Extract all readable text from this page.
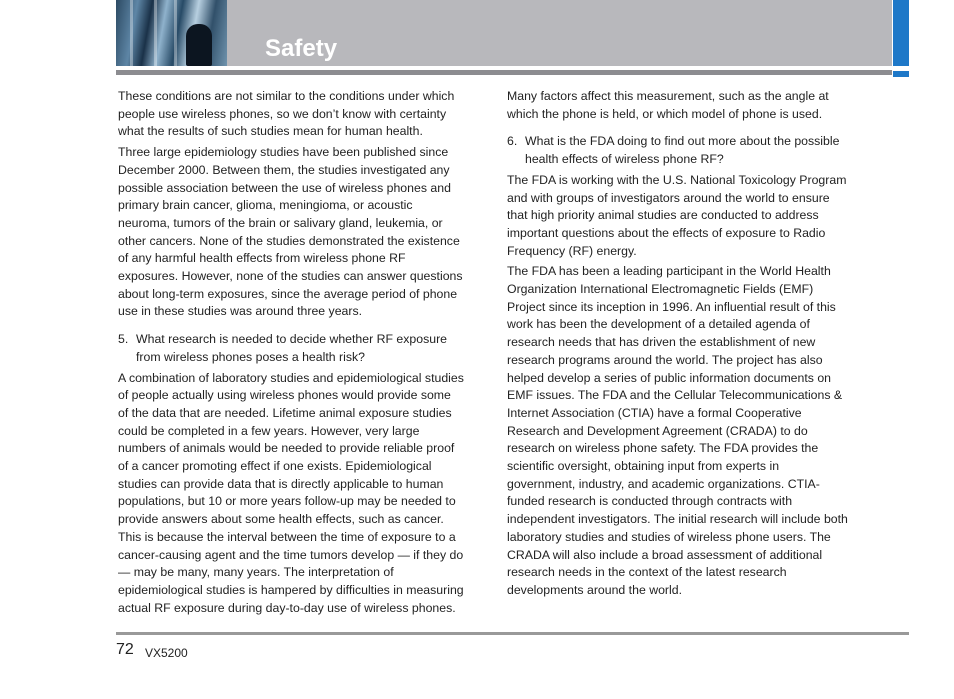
Safety

These conditions are not similar to the conditions under which people use wireless phones, so we don’t know with certainty what the results of such studies mean for human health.

Three large epidemiology studies have been published since December 2000. Between them, the studies investigated any possible association between the use of wireless phones and primary brain cancer, glioma, meningioma, or acoustic neuroma, tumors of the brain or salivary gland, leukemia, or other cancers. None of the studies demonstrated the existence of any harmful health effects from wireless phone RF exposures. However, none of the studies can answer questions about long-term exposures, since the average period of phone use in these studies was around three years.

5. What research is needed to decide whether RF exposure from wireless phones poses a health risk?

A combination of laboratory studies and epidemiological studies of people actually using wireless phones would provide some of the data that are needed. Lifetime animal exposure studies could be completed in a few years. However, very large numbers of animals would be needed to provide reliable proof of a cancer promoting effect if one exists. Epidemiological studies can provide data that is directly applicable to human populations, but 10 or more years follow-up may be needed to provide answers about some health effects, such as cancer. This is because the interval between the time of exposure to a cancer-causing agent and the time tumors develop — if they do — may be many, many years. The interpretation of epidemiological studies is hampered by difficulties in measuring actual RF exposure during day-to-day use of wireless phones.

Many factors affect this measurement, such as the angle at which the phone is held, or which model of phone is used.

6. What is the FDA doing to find out more about the possible health effects of wireless phone RF?

The FDA is working with the U.S. National Toxicology Program and with groups of investigators around the world to ensure that high priority animal studies are conducted to address important questions about the effects of exposure to Radio Frequency (RF) energy.

The FDA has been a leading participant in the World Health Organization International Electromagnetic Fields (EMF) Project since its inception in 1996. An influential result of this work has been the development of a detailed agenda of research needs that has driven the establishment of new research programs around the world. The project has also helped develop a series of public information documents on EMF issues. The FDA and the Cellular Telecommunications & Internet Association (CTIA) have a formal Cooperative Research and Development Agreement (CRADA) to do research on wireless phone safety. The FDA provides the scientific oversight, obtaining input from experts in government, industry, and academic organizations. CTIA-funded research is conducted through contracts with independent investigators. The initial research will include both laboratory studies and studies of wireless phone users. The CRADA will also include a broad assessment of additional research needs in the context of the latest research developments around the world.

72 VX5200
